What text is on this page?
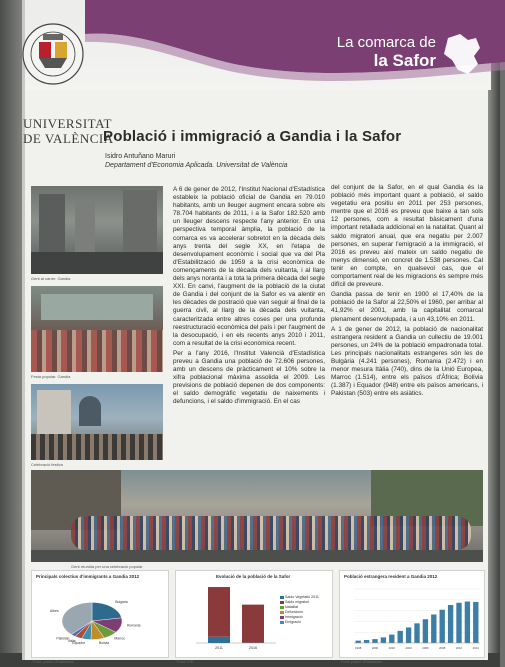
La comarca de
la Safor
UNIVERSITAT
DE VALÈNCIA
Població i immigració a Gandia i la Safor
Isidro Antuñano Maruri
Departament d'Economia Aplicada. Universitat de València
Gent al carrer. Gandia
Festa popular. Gandia
Celebració festiva

A 6 de gener de 2012, l'Institut Nacional d'Estadística estableix la població oficial de Gandia en 79.010 habitants, amb un lleuger augment encara sobre els 78.704 habitants de 2011, i a la Safor 182.520 amb un lleuger descens respecte l'any anterior. En una perspectiva temporal àmplia, la població de la comarca es va accelerar sobretot en la dècada dels anys trenta del segle XX, en l'etapa de desenvolupament econòmic i social que va del Pla d'Estabilització de 1959 a la crisi econòmica de començaments de la dècada dels vuitanta, i al llarg dels anys noranta i a tota la primera dècada del segle XXI. En canvi, l'augment de la població de la ciutat de Gandia i del conjunt de la Safor es va alentir en les dècades de postració que van seguir al final de la guerra civil, al llarg de la dècada dels vuitanta, caracteritzada entre altres coses per una profunda reestructuració econòmica del país i per l'augment de la desocupació, i en els recents anys 2010 i 2011, com a resultat de la crisi econòmica recent.

Per a l'any 2016, l'Institut Valencià d'Estadística preveu a Gandia una població de 72.606 persones, amb un descens de pràcticament el 10% sobre la xifra poblacional màxima assolida el 2009. Les previsions de població depenen de dos components: el saldo demogràfic vegetatiu de naixements i defuncions, i el saldo d'immigració. En el cas

del conjunt de la Safor, en el qual Gandia és la població més important quant a població, el saldo vegetatiu era positiu en 2011 per 253 persones, mentre que el 2016 es preveu que baixe a tan sols 12 persones, com a resultat bàsicament d'una important retallada addicional en la natalitat. Quant al saldo migratori anual, que era negatiu per 2.007 persones, en superar l'emigració a la immigració, el 2016 es preveu així mateix un saldo negatiu de menys dimensió, en concret de 1.538 persones. Cal tenir en compte, en qualsevol cas, que el comportament real de les migracions és sempre més difícil de preveure.

Gandia passa de tenir en 1900 el 17,40% de la població de la Safor al 22,50% el 1960, per arribar al 41,92% el 2001, amb la capitalitat comarcal plenament desenvolupada, i a un 43,10% en 2011.

A 1 de gener de 2012, la població de nacionalitat estrangera resident a Gandia un cullectiu de 19.001 persones, un 24% de la població empadronada total. Les principals nacionalitats estrangeres són les de Bulgària (4.241 persones), Romania (2.472) i en menor mesura Itàlia (740), dins de la Unió Europea, Marroc (1.514), entre els països d'Àfrica; Bolívia (1.387) i Equador (948) entre els països americans, i Pakistan (503) entre els asiàtics.

Gent reunida per una celebració popular
Principals colectius d'immigrants a Gandia 2012
Bulgària
Romania
Marroc
Bolívia
Equador
Itàlia
Pakistan
Altres
Font: padró d'habitants
Evolució de la població de la Safor
2011	2016
Saldo Vegetatiu 2011
Saldo migratori
Natalitat
Defuncions
Immigració
Emigració
Font: IVE
Població estrangera resident a Gandia 2012
1998	2000	2002	2004	2006	2008	2010	2012
Font: padró d'habitants
